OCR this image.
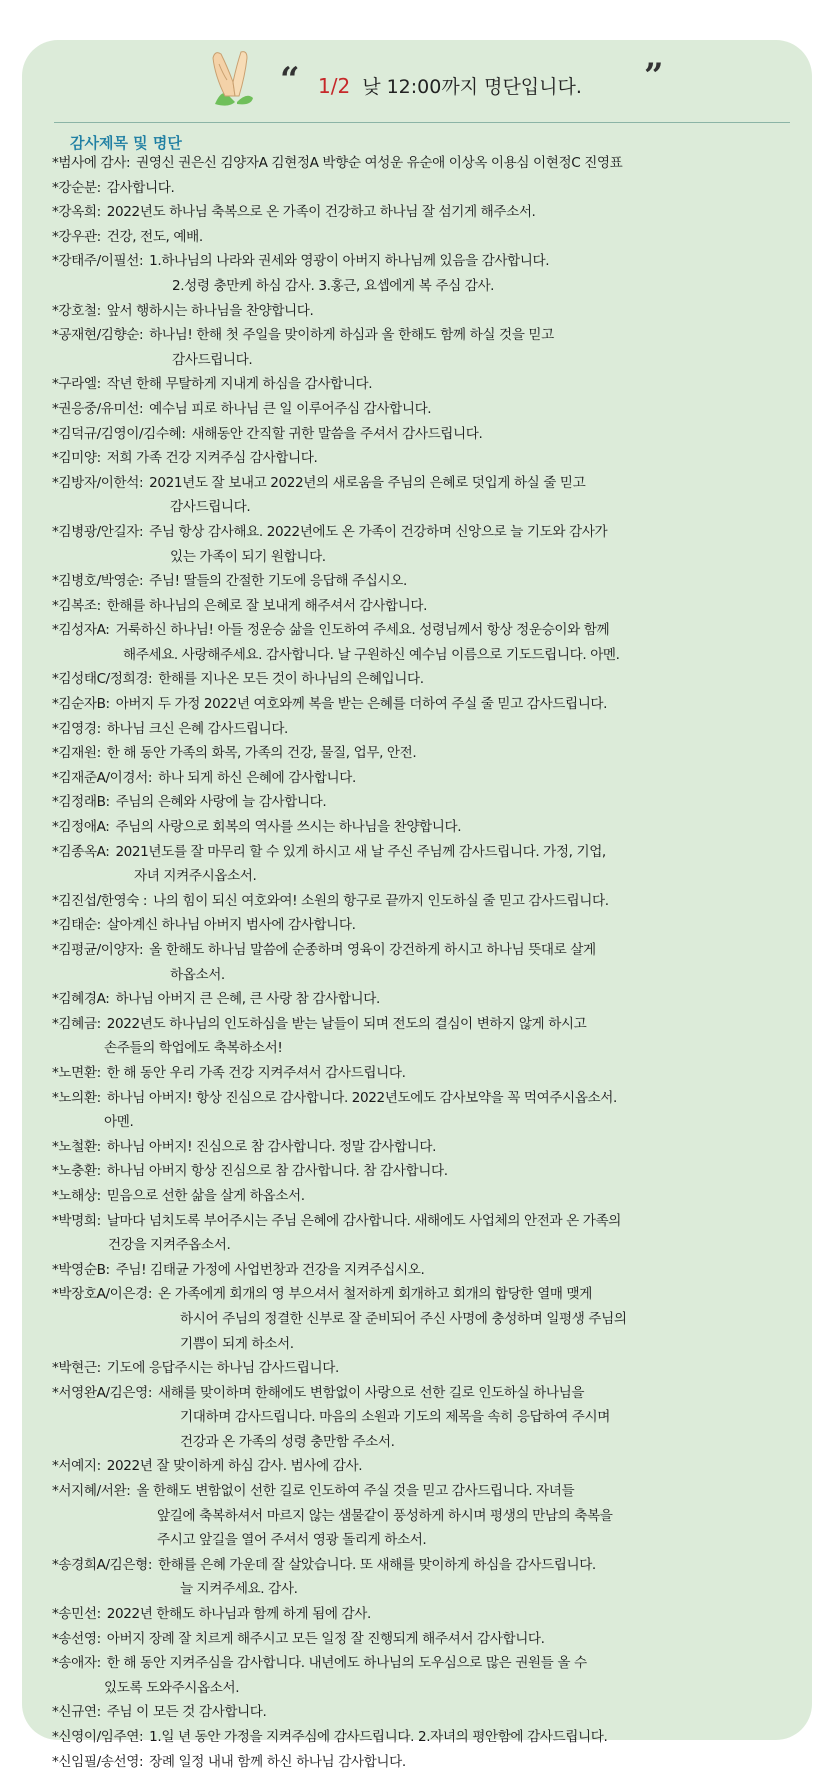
“ 1/2 낮 12:00까지 명단입니다. ”
감사제목 및 명단
*범사에 감사: 권영신 권은신 김양자A 김현정A 박향순 여성운 유순애 이상옥 이용심 이현정C 진영표
*강순분: 감사합니다.
*강옥희: 2022년도 하나님 축복으로 온 가족이 건강하고 하나님 잘 섬기게 해주소서.
*강우관: 건강, 전도, 예배.
*강태주/이필선: 1.하나님의 나라와 권세와 영광이 아버지 하나님께 있음을 감사합니다.
2.성령 충만케 하심 감사. 3.홍근, 요셉에게 복 주심 감사.
*강호철: 앞서 행하시는 하나님을 찬양합니다.
*공재현/김향순: 하나님! 한해 첫 주일을 맞이하게 하심과 올 한해도 함께 하실 것을 믿고
감사드립니다.
*구라엘: 작년 한해 무탈하게 지내게 하심을 감사합니다.
*권응중/유미선: 예수님 피로 하나님 큰 일 이루어주심 감사합니다.
*김덕규/김영이/김수혜: 새해동안 간직할 귀한 말씀을 주셔서 감사드립니다.
*김미양: 저희 가족 건강 지켜주심 감사합니다.
*김방자/이한석: 2021년도 잘 보내고 2022년의 새로움을 주님의 은혜로 덧입게 하실 줄 믿고
감사드립니다.
*김병광/안길자: 주님 항상 감사해요. 2022년에도 온 가족이 건강하며 신앙으로 늘 기도와 감사가
있는 가족이 되기 원합니다.
*김병호/박영순: 주님! 딸들의 간절한 기도에 응답해 주십시오.
*김복조: 한해를 하나님의 은혜로 잘 보내게 해주셔서 감사합니다.
*김성자A: 거룩하신 하나님! 아들 정운승 삶을 인도하여 주세요. 성령님께서 항상 정운승이와 함께
해주세요. 사랑해주세요. 감사합니다. 날 구원하신 예수님 이름으로 기도드립니다. 아멘.
*김성태C/정희경: 한해를 지나온 모든 것이 하나님의 은혜입니다.
*김순자B: 아버지 두 가정 2022년 여호와께 복을 받는 은혜를 더하여 주실 줄 믿고 감사드립니다.
*김영경: 하나님 크신 은혜 감사드립니다.
*김재원: 한 해 동안 가족의 화목, 가족의 건강, 물질, 업무, 안전.
*김재준A/이경서: 하나 되게 하신 은혜에 감사합니다.
*김정래B: 주님의 은혜와 사랑에 늘 감사합니다.
*김정애A: 주님의 사랑으로 회복의 역사를 쓰시는 하나님을 찬양합니다.
*김종옥A: 2021년도를 잘 마무리 할 수 있게 하시고 새 날 주신 주님께 감사드립니다. 가정, 기업,
자녀 지켜주시옵소서.
*김진섭/한영숙 : 나의 힘이 되신 여호와여! 소원의 항구로 끝까지 인도하실 줄 믿고 감사드립니다.
*김태순: 살아계신 하나님 아버지 범사에 감사합니다.
*김평균/이양자: 올 한해도 하나님 말씀에 순종하며 영육이 강건하게 하시고 하나님 뜻대로 살게
하옵소서.
*김혜경A: 하나님 아버지 큰 은혜, 큰 사랑 참 감사합니다.
*김혜금: 2022년도 하나님의 인도하심을 받는 날들이 되며 전도의 결심이 변하지 않게 하시고
손주들의 학업에도 축복하소서!
*노면환: 한 해 동안 우리 가족 건강 지켜주셔서 감사드립니다.
*노의환: 하나님 아버지! 항상 진심으로 감사합니다. 2022년도에도 감사보약을 꼭 먹여주시옵소서.
아멘.
*노철환: 하나님 아버지! 진심으로 참 감사합니다. 정말 감사합니다.
*노충환: 하나님 아버지 항상 진심으로 참 감사합니다. 참 감사합니다.
*노해상: 믿음으로 선한 삶을 살게 하옵소서.
*박명희: 날마다 넘치도록 부어주시는 주님 은혜에 감사합니다. 새해에도 사업체의 안전과 온 가족의
건강을 지켜주옵소서.
*박영순B: 주님! 김태균 가정에 사업번창과 건강을 지켜주십시오.
*박장호A/이은경: 온 가족에게 회개의 영 부으셔서 철저하게 회개하고 회개의 합당한 열매 맺게
하시어 주님의 정결한 신부로 잘 준비되어 주신 사명에 충성하며 일평생 주님의
기쁨이 되게 하소서.
*박현근: 기도에 응답주시는 하나님 감사드립니다.
*서영완A/김은영: 새해를 맞이하며 한해에도 변함없이 사랑으로 선한 길로 인도하실 하나님을
기대하며 감사드립니다. 마음의 소원과 기도의 제목을 속히 응답하여 주시며
건강과 온 가족의 성령 충만함 주소서.
*서예지: 2022년 잘 맞이하게 하심 감사. 범사에 감사.
*서지혜/서완: 올 한해도 변함없이 선한 길로 인도하여 주실 것을 믿고 감사드립니다. 자녀들
앞길에 축복하셔서 마르지 않는 샘물같이 풍성하게 하시며 평생의 만남의 축복을
주시고 앞길을 열어 주셔서 영광 돌리게 하소서.
*송경희A/김은형: 한해를 은혜 가운데 잘 살았습니다. 또 새해를 맞이하게 하심을 감사드립니다.
늘 지켜주세요. 감사.
*송민선: 2022년 한해도 하나님과 함께 하게 됨에 감사.
*송선영: 아버지 장례 잘 치르게 해주시고 모든 일정 잘 진행되게 해주셔서 감사합니다.
*송애자: 한 해 동안 지켜주심을 감사합니다. 내년에도 하나님의 도우심으로 많은 권원들 올 수
있도록 도와주시옵소서.
*신규연: 주님 이 모든 것 감사합니다.
*신영이/임주연: 1.일 년 동안 가정을 지켜주심에 감사드립니다. 2.자녀의 평안함에 감사드립니다.
*신임필/송선영: 장례 일정 내내 함께 하신 하나님 감사합니다.
